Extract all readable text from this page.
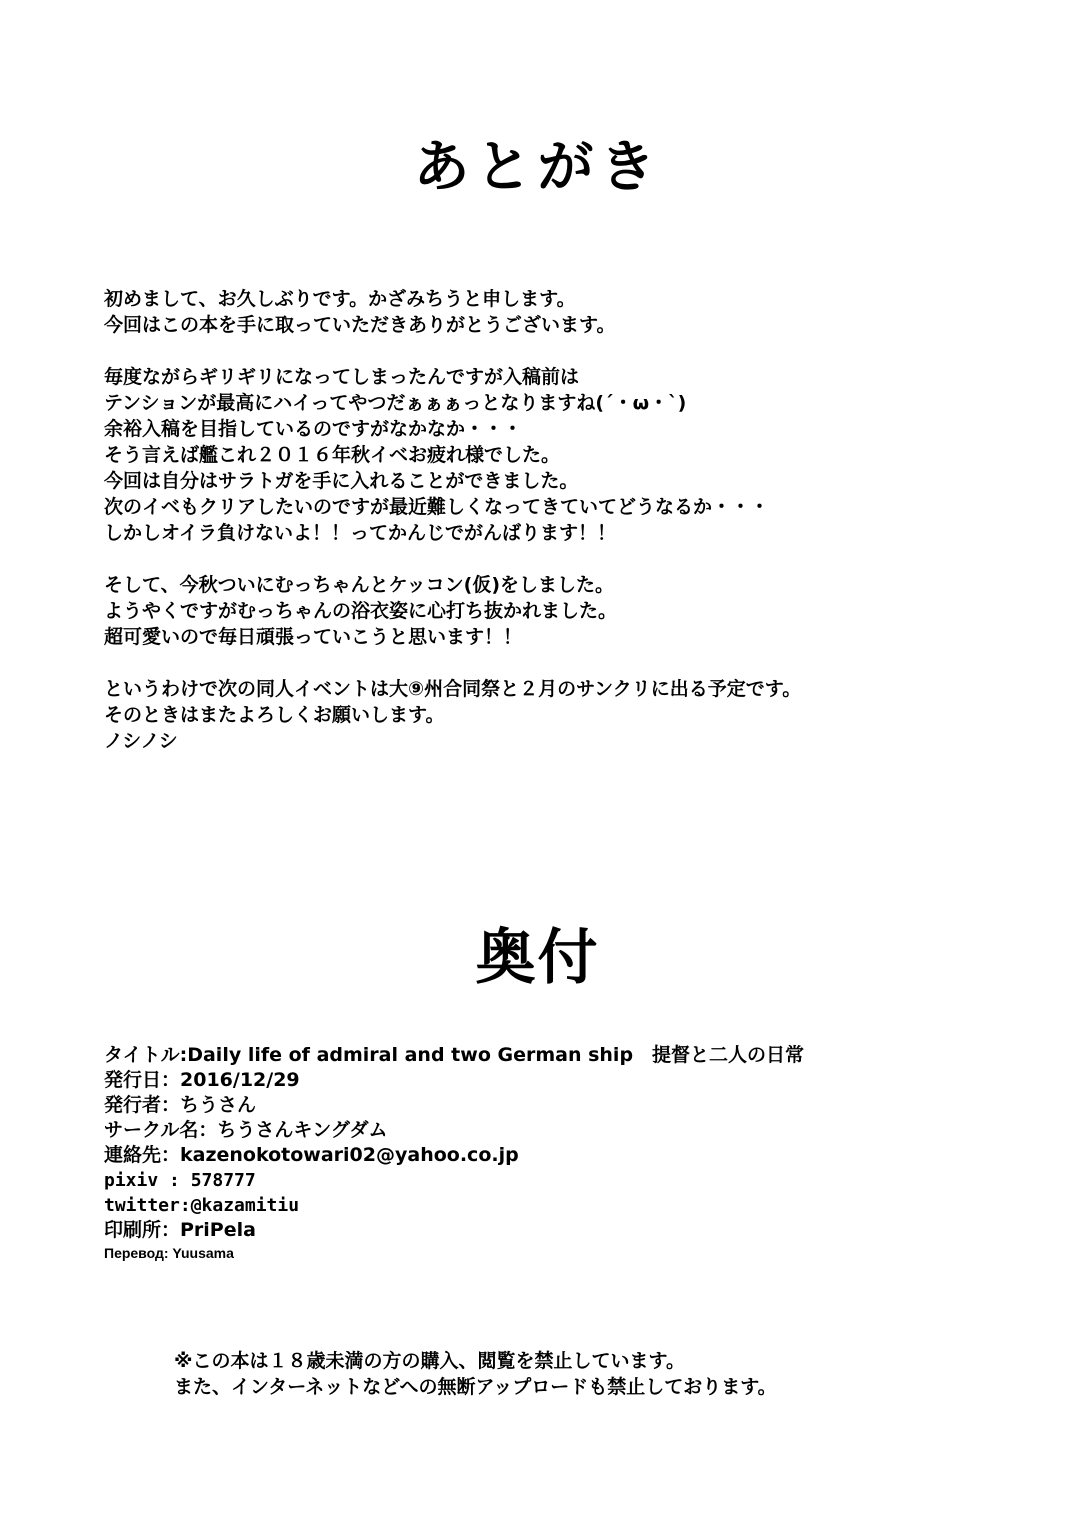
あとがき

初めまして、お久しぶりです。かざみちうと申します。
今回はこの本を手に取っていただきありがとうございます。

毎度ながらギリギリになってしまったんですが入稿前は
テンションが最高にハイってやつだぁぁぁっとなりますね(´・ω・`)
余裕入稿を目指しているのですがなかなか・・・
そう言えば艦これ２０１６年秋イベお疲れ様でした。
今回は自分はサラトガを手に入れることができました。
次のイベもクリアしたいのですが最近難しくなってきていてどうなるか・・・
しかしオイラ負けないよ！！ってかんじでがんばります！！

そして、今秋ついにむっちゃんとケッコン(仮)をしました。
ようやくですがむっちゃんの浴衣姿に心打ち抜かれました。
超可愛いので毎日頑張っていこうと思います！！

というわけで次の同人イベントは大⑨州合同祭と２月のサンクリに出る予定です。
そのときはまたよろしくお願いします。
ノシノシ

奥付
タイトル:Daily life of admiral and two German ship　提督と二人の日常
発行日：2016/12/29
発行者：ちうさん
サークル名：ちうさんキングダム
連絡先：kazenokotowari02@yahoo.co.jp
pixiv : 578777
twitter:@kazamitiu
印刷所：PriPela
Перевод: Yuusama
※この本は１８歳未満の方の購入、閲覧を禁止しています。
また、インターネットなどへの無断アップロードも禁止しております。
